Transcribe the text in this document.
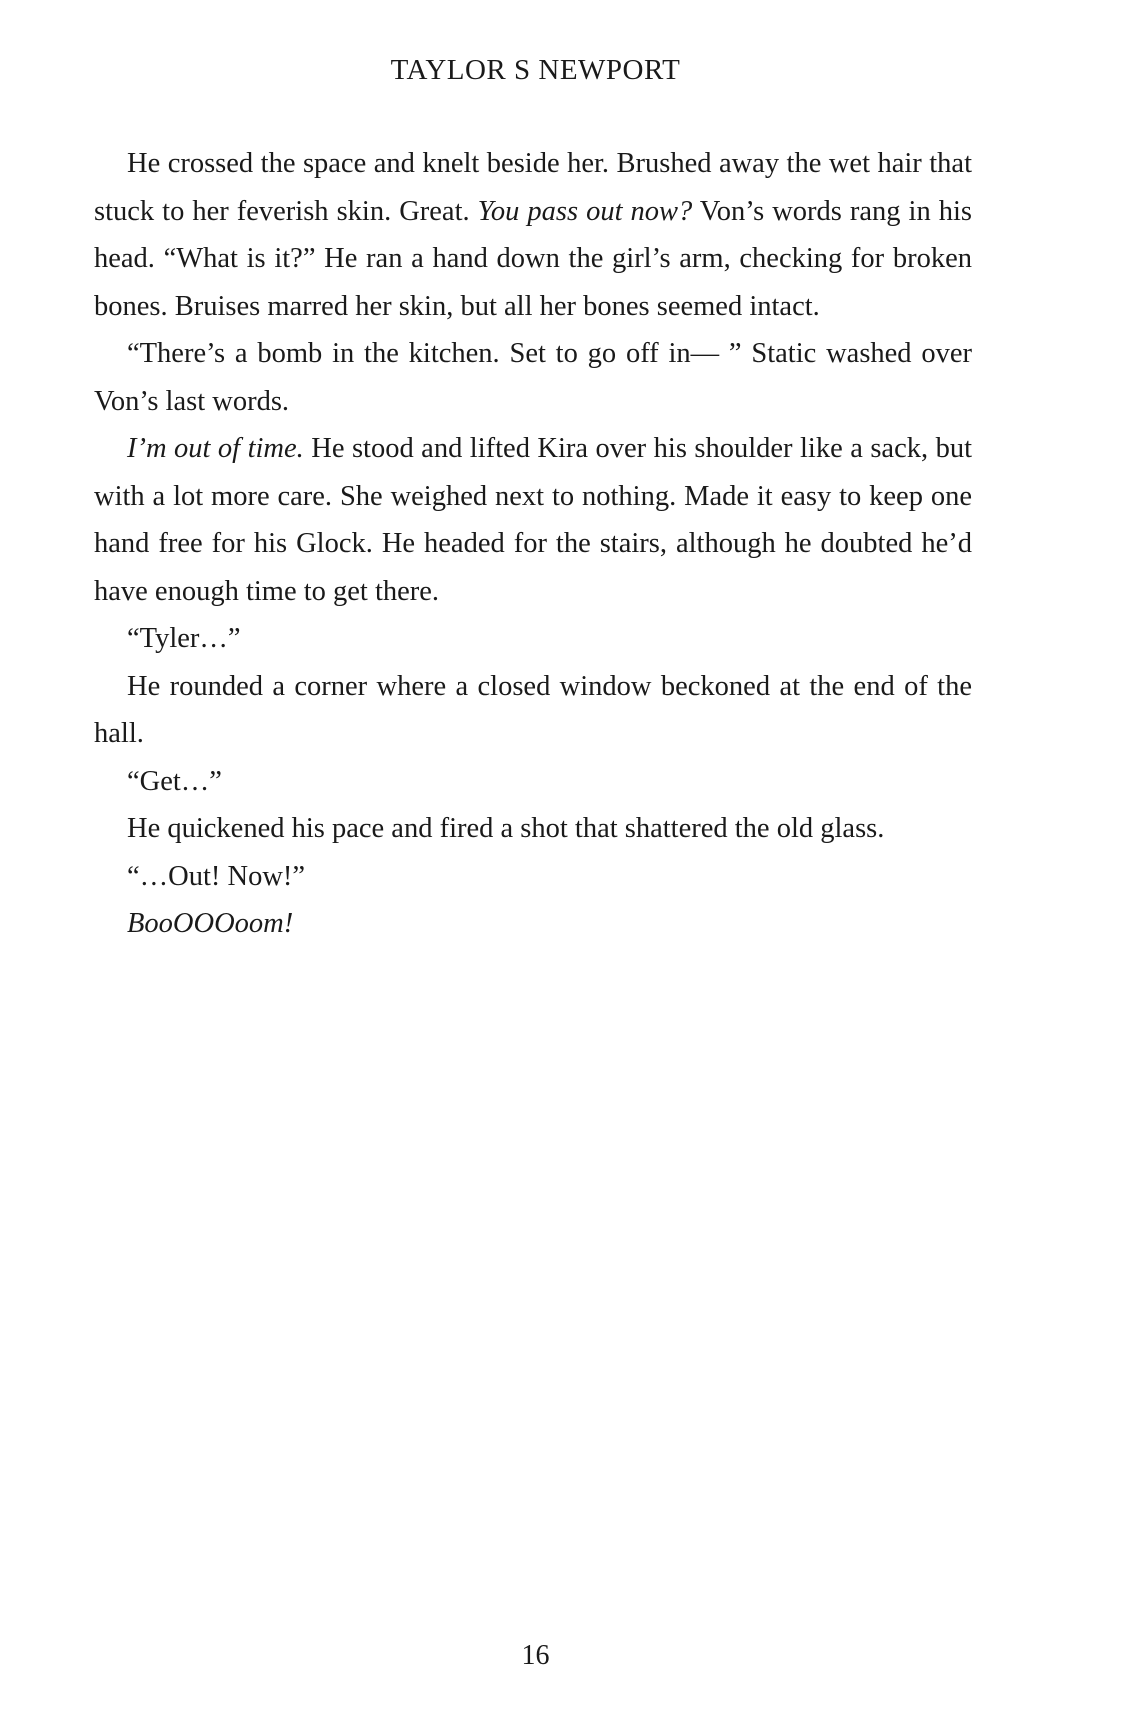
TAYLOR S NEWPORT

He crossed the space and knelt beside her. Brushed away the wet hair that stuck to her feverish skin. Great. You pass out now? Von’s words rang in his head. “What is it?” He ran a hand down the girl’s arm, checking for broken bones. Bruises marred her skin, but all her bones seemed intact.

“There’s a bomb in the kitchen. Set to go off in— ” Static washed over Von’s last words.

I’m out of time. He stood and lifted Kira over his shoulder like a sack, but with a lot more care. She weighed next to nothing. Made it easy to keep one hand free for his Glock. He headed for the stairs, although he doubted he’d have enough time to get there.

“Tyler…”

He rounded a corner where a closed window beckoned at the end of the hall.

“Get…”

He quickened his pace and fired a shot that shattered the old glass.

“…Out! Now!”

BooOOOoom!

16
